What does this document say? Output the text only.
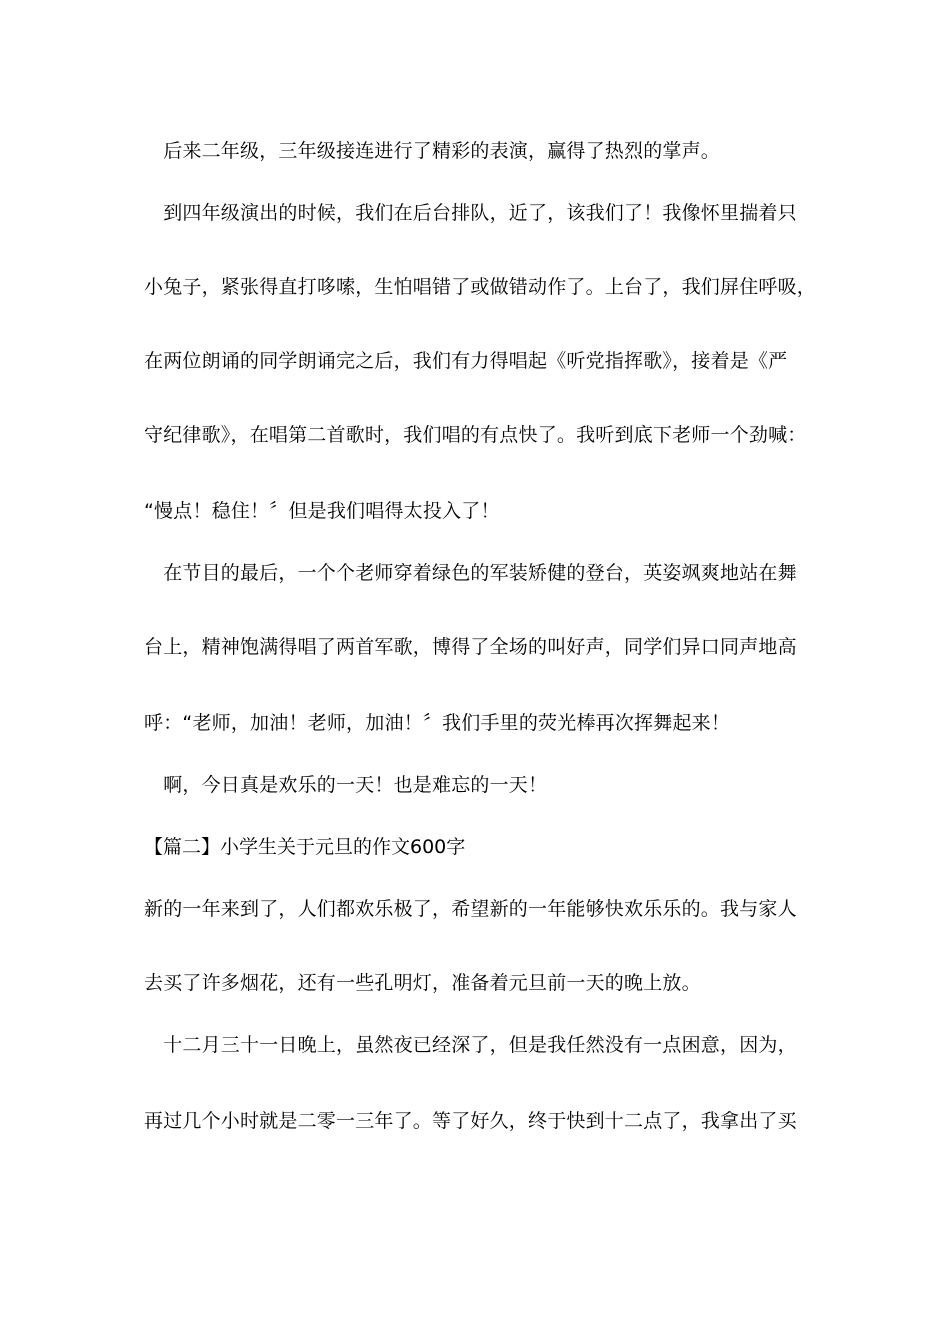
　后来二年级，三年级接连进行了精彩的表演，赢得了热烈的掌声。
　到四年级演出的时候，我们在后台排队，近了，该我们了！我像怀里揣着只
小兔子，紧张得直打哆嗦，生怕唱错了或做错动作了。上台了，我们屏住呼吸，
在两位朗诵的同学朗诵完之后，我们有力得唱起《听党指挥歌》，接着是《严
守纪律歌》，在唱第二首歌时，我们唱的有点快了。我听到底下老师一个劲喊：
“慢点！稳住！〞但是我们唱得太投入了！
　在节目的最后，一个个老师穿着绿色的军装矫健的登台，英姿飒爽地站在舞
台上，精神饱满得唱了两首军歌，博得了全场的叫好声，同学们异口同声地高
呼：“老师，加油！老师，加油！〞我们手里的荧光棒再次挥舞起来！
　啊，今日真是欢乐的一天！也是难忘的一天！
【篇二】小学生关于元旦的作文600字
新的一年来到了，人们都欢乐极了，希望新的一年能够快欢乐乐的。我与家人
去买了许多烟花，还有一些孔明灯，准备着元旦前一天的晚上放。
　十二月三十一日晚上，虽然夜已经深了，但是我任然没有一点困意，因为，
再过几个小时就是二零一三年了。等了好久，终于快到十二点了，我拿出了买
